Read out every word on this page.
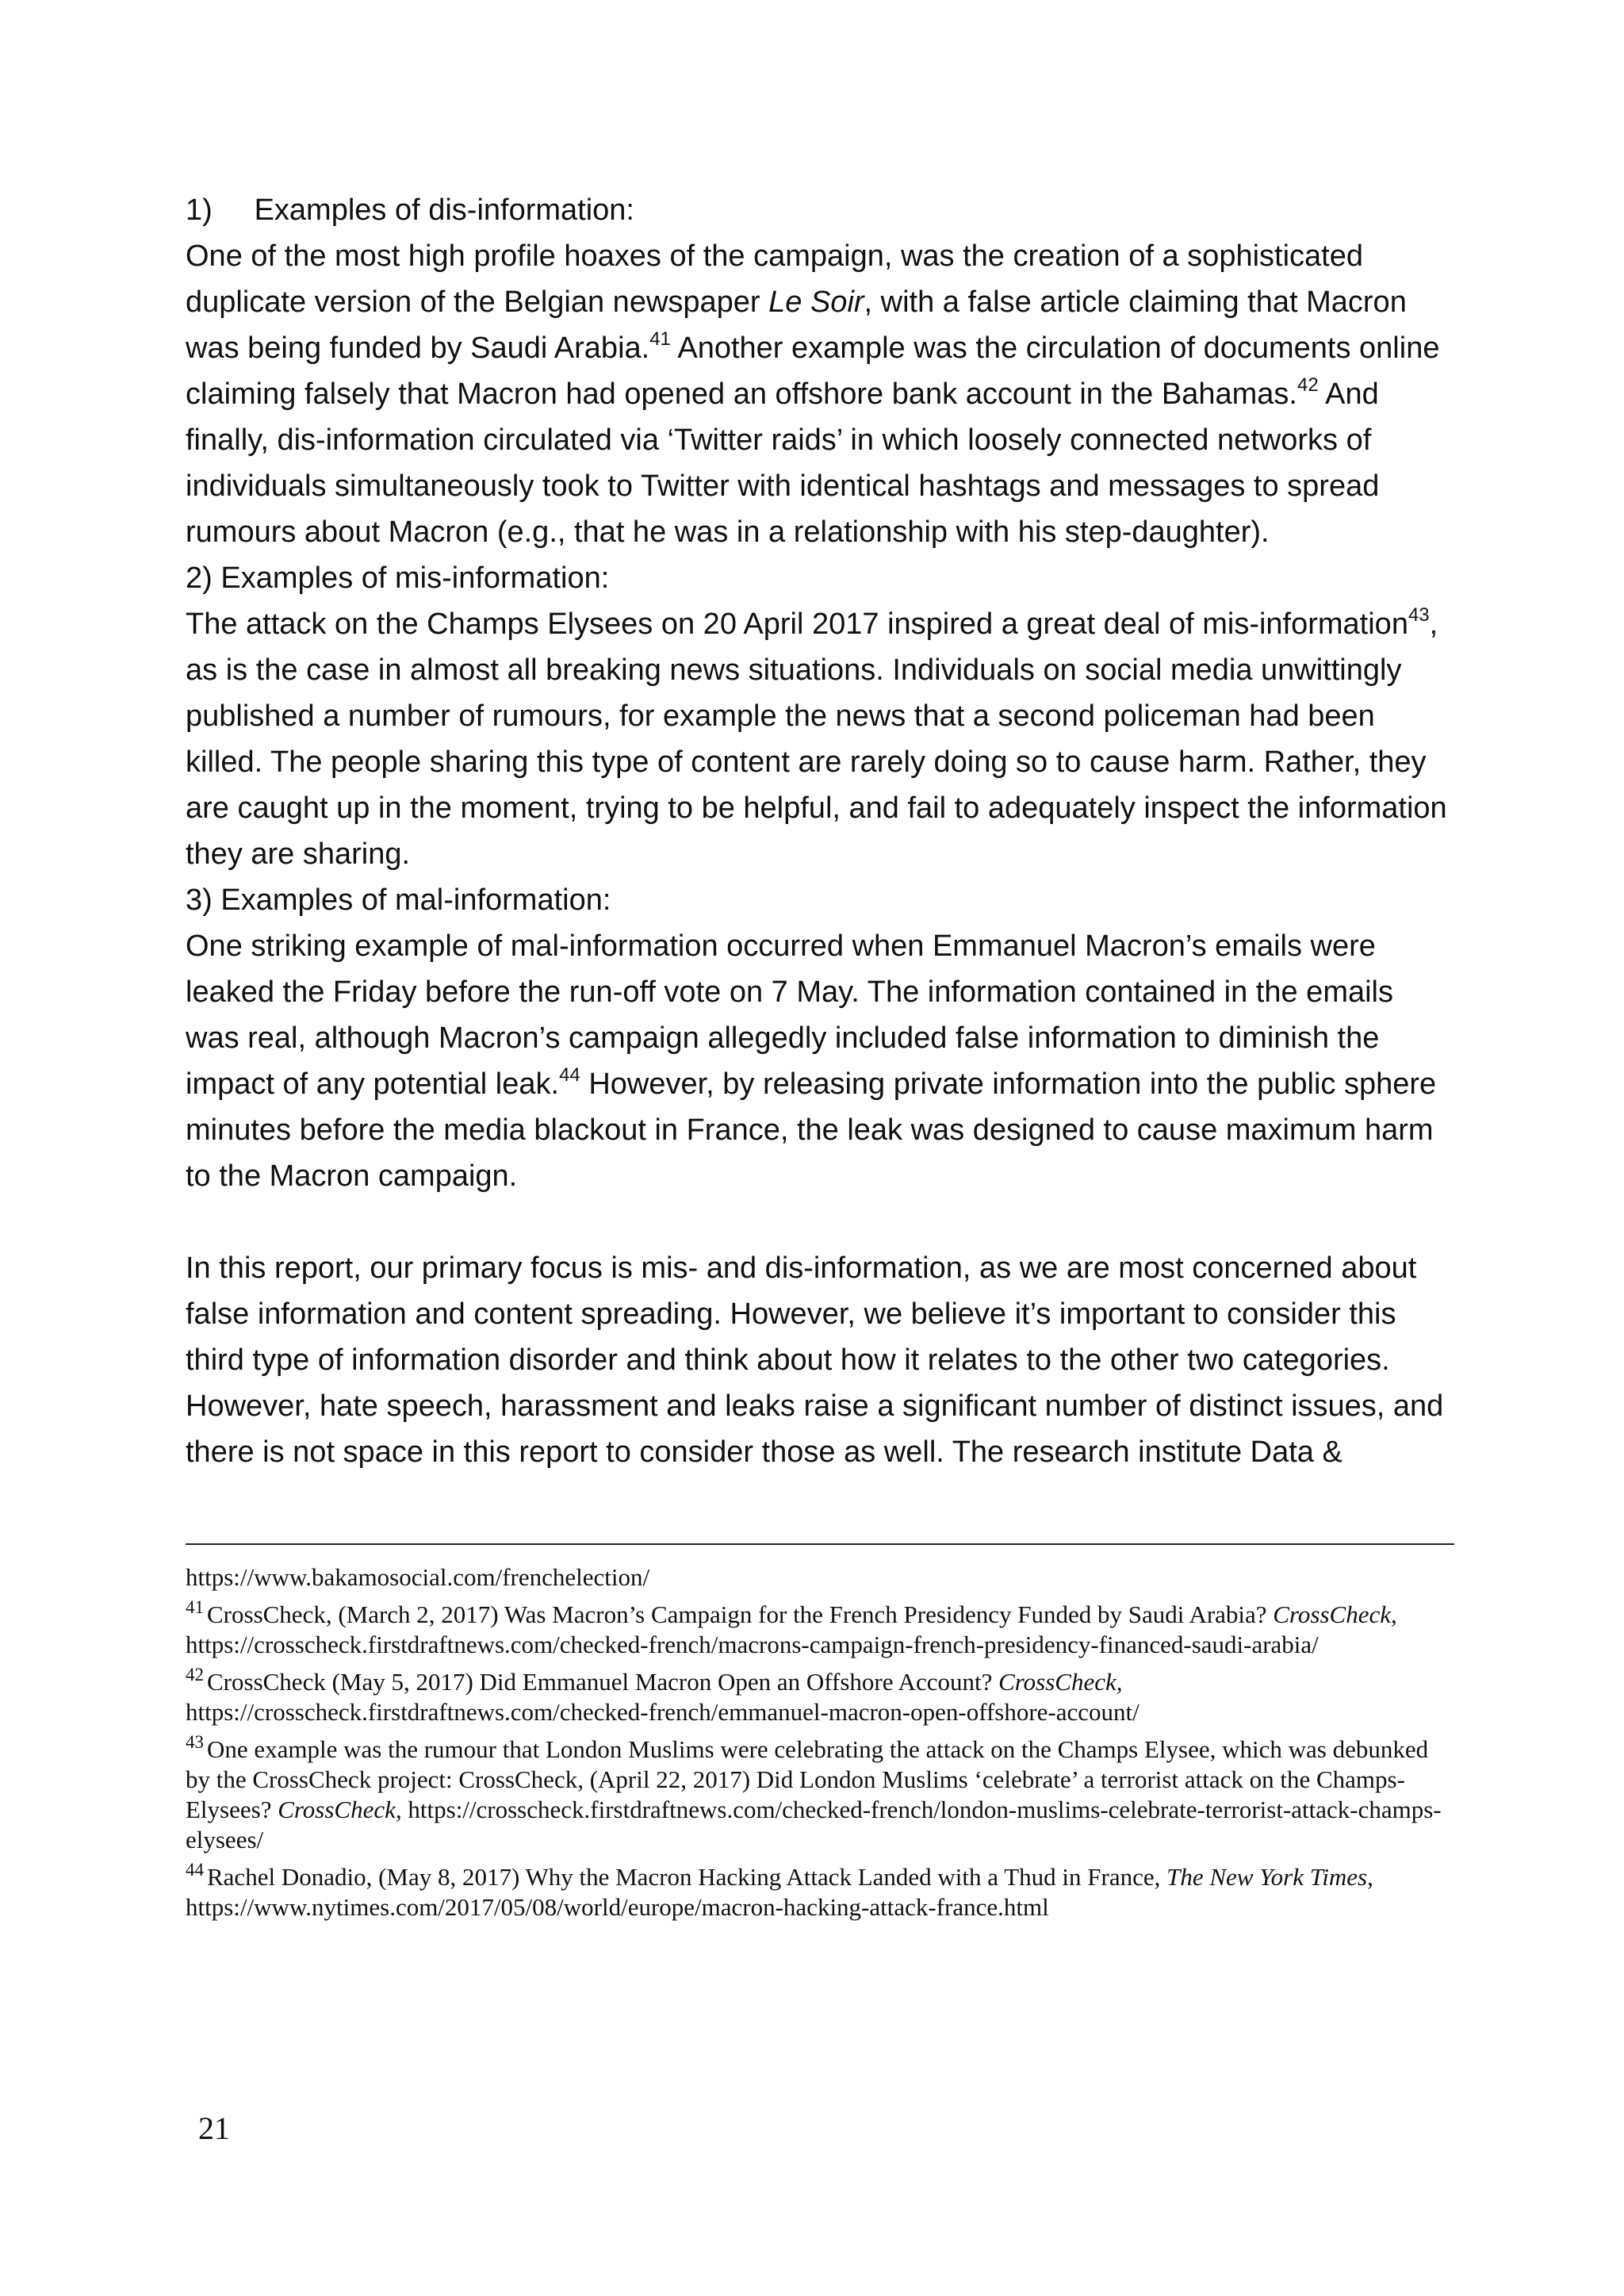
1)     Examples of dis-information:

One of the most high profile hoaxes of the campaign, was the creation of a sophisticated duplicate version of the Belgian newspaper Le Soir, with a false article claiming that Macron was being funded by Saudi Arabia.$^{41}$ Another example was the circulation of documents online claiming falsely that Macron had opened an offshore bank account in the Bahamas.$^{42}$ And finally, dis-information circulated via ‘Twitter raids’ in which loosely connected networks of individuals simultaneously took to Twitter with identical hashtags and messages to spread rumours about Macron (e.g., that he was in a relationship with his step-daughter).

2) Examples of mis-information:

The attack on the Champs Elysees on 20 April 2017 inspired a great deal of mis-information$^{43}$, as is the case in almost all breaking news situations. Individuals on social media unwittingly published a number of rumours, for example the news that a second policeman had been killed. The people sharing this type of content are rarely doing so to cause harm. Rather, they are caught up in the moment, trying to be helpful, and fail to adequately inspect the information they are sharing.

3) Examples of mal-information:

One striking example of mal-information occurred when Emmanuel Macron’s emails were leaked the Friday before the run-off vote on 7 May. The information contained in the emails was real, although Macron’s campaign allegedly included false information to diminish the impact of any potential leak.$^{44}$ However, by releasing private information into the public sphere minutes before the media blackout in France, the leak was designed to cause maximum harm to the Macron campaign.

In this report, our primary focus is mis- and dis-information, as we are most concerned about false information and content spreading. However, we believe it’s important to consider this third type of information disorder and think about how it relates to the other two categories. However, hate speech, harassment and leaks raise a significant number of distinct issues, and there is not space in this report to consider those as well. The research institute Data &

https://www.bakamosocial.com/frenchelection/

$^{41}$ CrossCheck, (March 2, 2017) Was Macron’s Campaign for the French Presidency Funded by Saudi Arabia? CrossCheck, https://crosscheck.firstdraftnews.com/checked-french/macrons-campaign-french-presidency-financed-saudi-arabia/

$^{42}$ CrossCheck (May 5, 2017) Did Emmanuel Macron Open an Offshore Account? CrossCheck, https://crosscheck.firstdraftnews.com/checked-french/emmanuel-macron-open-offshore-account/

$^{43}$ One example was the rumour that London Muslims were celebrating the attack on the Champs Elysee, which was debunked by the CrossCheck project: CrossCheck, (April 22, 2017) Did London Muslims ‘celebrate’ a terrorist attack on the Champs-Elysees? CrossCheck, https://crosscheck.firstdraftnews.com/checked-french/london-muslims-celebrate-terrorist-attack-champs-elysees/

$^{44}$ Rachel Donadio, (May 8, 2017) Why the Macron Hacking Attack Landed with a Thud in France, The New York Times, https://www.nytimes.com/2017/05/08/world/europe/macron-hacking-attack-france.html

21
